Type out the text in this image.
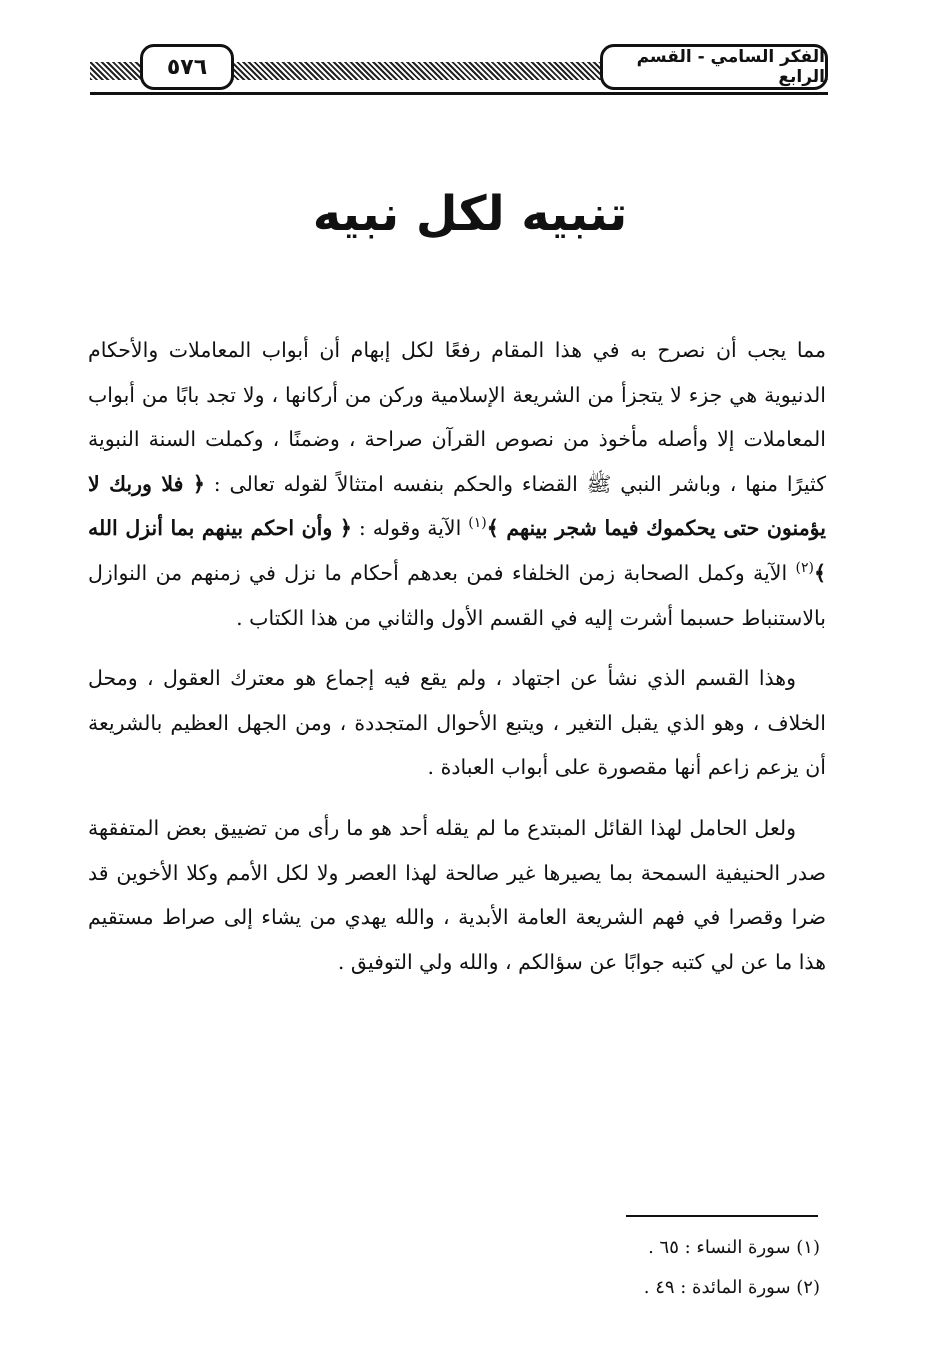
الفكر السامي - القسم الرابع
٥٧٦
تنبيه لكل نبيه

مما يجب أن نصرح به في هذا المقام رفعًا لكل إبهام أن أبواب المعاملات والأحكام الدنيوية هي جزء لا يتجزأ من الشريعة الإسلامية وركن من أركانها ، ولا تجد بابًا من أبواب المعاملات إلا وأصله مأخوذ من نصوص القرآن صراحة ، وضمنًا ، وكملت السنة النبوية كثيرًا منها ، وباشر النبي ﷺ القضاء والحكم بنفسه امتثالاً لقوله تعالى : ﴿ فلا وربك لا يؤمنون حتى يحكموك فيما شجر بينهم ﴾$^{(١)}$ الآية وقوله : ﴿ وأن احكم بينهم بما أنزل الله ﴾$^{(٢)}$ الآية وكمل الصحابة زمن الخلفاء فمن بعدهم أحكام ما نزل في زمنهم من النوازل بالاستنباط حسبما أشرت إليه في القسم الأول والثاني من هذا الكتاب .

وهذا القسم الذي نشأ عن اجتهاد ، ولم يقع فيه إجماع هو معترك العقول ، ومحل الخلاف ، وهو الذي يقبل التغير ، ويتبع الأحوال المتجددة ، ومن الجهل العظيم بالشريعة أن يزعم زاعم أنها مقصورة على أبواب العبادة .

ولعل الحامل لهذا القائل المبتدع ما لم يقله أحد هو ما رأى من تضييق بعض المتفقهة صدر الحنيفية السمحة بما يصيرها غير صالحة لهذا العصر ولا لكل الأمم وكلا الأخوين قد ضرا وقصرا في فهم الشريعة العامة الأبدية ، والله يهدي من يشاء إلى صراط مستقيم هذا ما عن لي كتبه جوابًا عن سؤالكم ، والله ولي التوفيق .

(١) سورة النساء : ٦٥ .
(٢) سورة المائدة : ٤٩ .
